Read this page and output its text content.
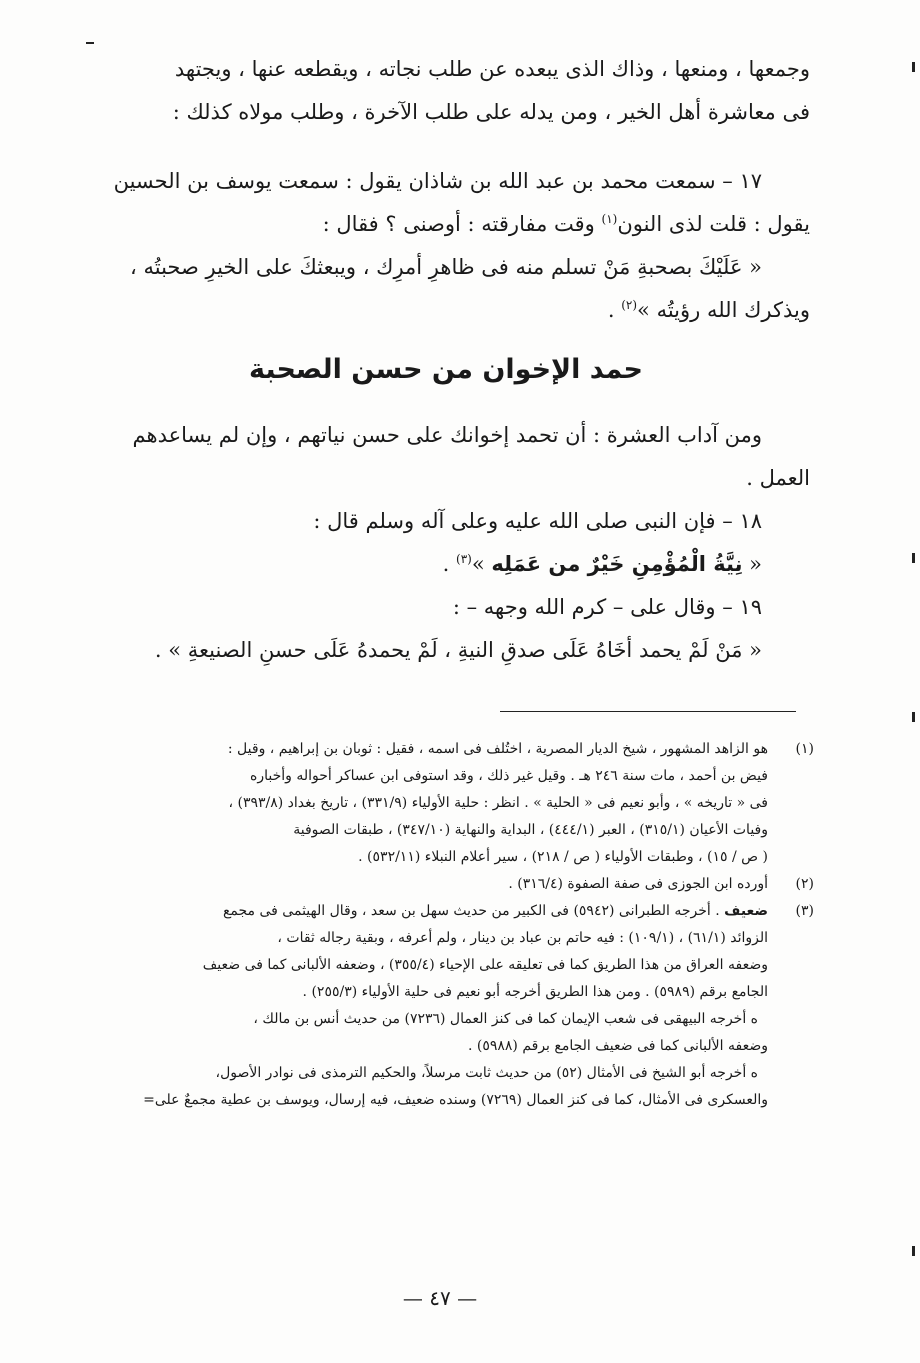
وجمعها ، ومنعها ، وذاك الذى يبعده عن طلب نجاته ، ويقطعه عنها ، ويجتهد
فى معاشرة أهل الخير ، ومن يدله على طلب الآخرة ، وطلب مولاه كذلك :
١٧ – سمعت محمد بن عبد الله بن شاذان يقول : سمعت يوسف بن الحسين
يقول : قلت لذى النون$^{(١)}$ وقت مفارقته : أوصنى ؟ فقال :
« عَلَيْكَ بصحبةِ مَنْ تسلم منه فى ظاهرِ أمرِك ، ويبعثكَ على الخيرِ صحبتُه ،
ويذكرك الله رؤيتُه »$^{(٢)}$ .
حمد الإخوان من حسن الصحبة
ومن آداب العشرة : أن تحمد إخوانك على حسن نياتهم ، وإن لم يساعدهم
العمل .
١٨ – فإن النبى صلى الله عليه وعلى آله وسلم قال :
« نِيَّةُ الْمُؤْمِنِ خَيْرٌ من عَمَلِه »$^{(٣)}$ .
١٩ – وقال على – كرم الله وجهه – :
« مَنْ لَمْ يحمد أخَاهُ عَلَى صدقِ النيةِ ، لَمْ يحمدهُ عَلَى حسنِ الصنيعةِ » .
(١)
هو الزاهد المشهور ، شيخ الديار المصرية ، اختُلف فى اسمه ، فقيل : ثوبان بن إبراهيم ، وقيل :
فيض بن أحمد ، مات سنة ٢٤٦ هـ . وقيل غير ذلك ، وقد استوفى ابن عساكر أحواله وأخباره
فى « تاريخه » ، وأبو نعيم فى « الحلية » . انظر : حلية الأولياء (٣٣١/٩) ، تاريخ بغداد (٣٩٣/٨) ،
وفيات الأعيان (٣١٥/١) ، العبر (٤٤٤/١) ، البداية والنهاية (٣٤٧/١٠) ، طبقات الصوفية
( ص / ١٥) ، وطبقات الأولياء ( ص / ٢١٨) ، سير أعلام النبلاء (٥٣٢/١١) .
(٢)
أورده ابن الجوزى فى صفة الصفوة (٣١٦/٤) .
(٣)
ضعيف . أخرجه الطبرانى (٥٩٤٢) فى الكبير من حديث سهل بن سعد ، وقال الهيثمى فى مجمع
الزوائد (٦١/١) ، (١٠٩/١) : فيه حاتم بن عباد بن دينار ، ولم أعرفه ، وبقية رجاله ثقات ،
وضعفه العراق من هذا الطريق كما فى تعليقه على الإحياء (٣٥٥/٤) ، وضعفه الألبانى كما فى ضعيف
الجامع برقم (٥٩٨٩) . ومن هذا الطريق أخرجه أبو نعيم فى حلية الأولياء (٢٥٥/٣) .
ه أخرجه البيهقى فى شعب الإيمان كما فى كنز العمال (٧٢٣٦) من حديث أنس بن مالك ،
وضعفه الألبانى كما فى ضعيف الجامع برقم (٥٩٨٨) .
ه أخرجه أبو الشيخ فى الأمثال (٥٢) من حديث ثابت مرسلاً، والحكيم الترمذى فى نوادر الأصول،
والعسكرى فى الأمثال، كما فى كنز العمال (٧٢٦٩) وسنده ضعيف، فيه إرسال، ويوسف بن عطية مجمعٌ على=
— ٤٧ —
